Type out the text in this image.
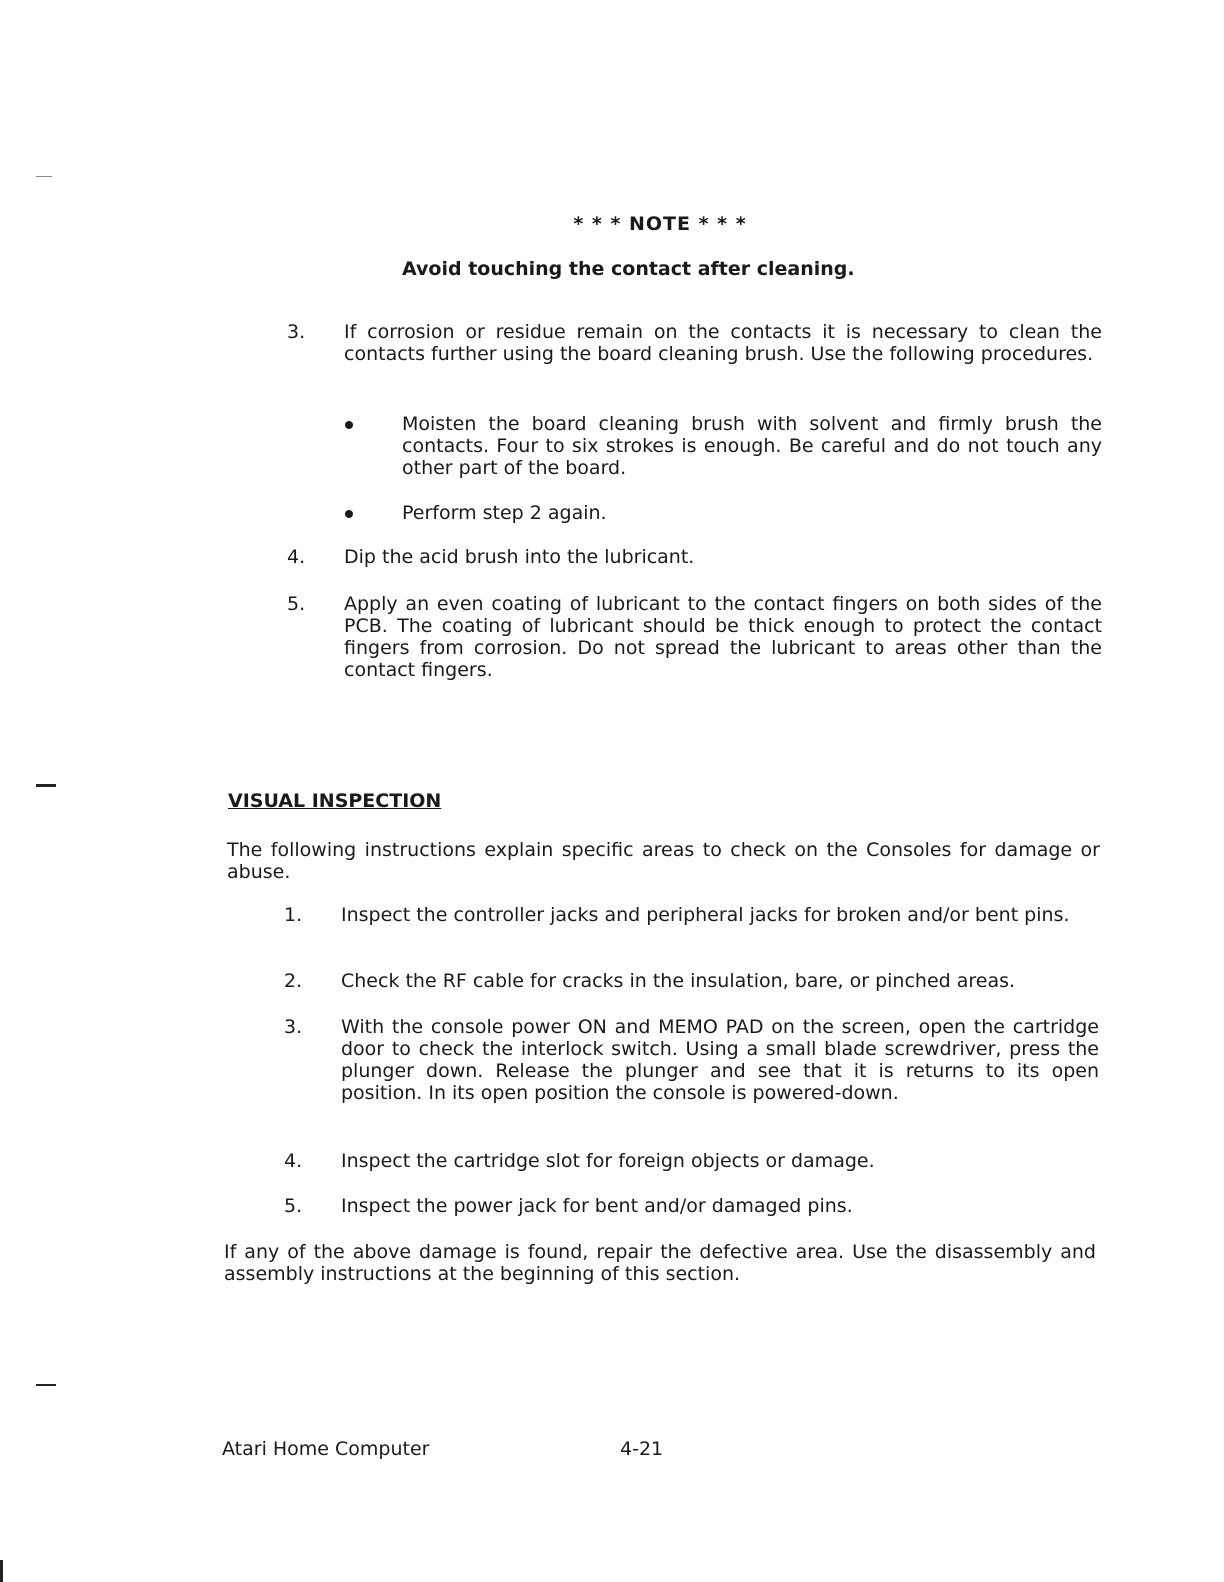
* * * NOTE * * *
Avoid touching the contact after cleaning.
3.	If corrosion or residue remain on the contacts it is necessary to clean the contacts further using the board cleaning brush. Use the following procedures.

Moisten the board cleaning brush with solvent and firmly brush the contacts. Four to six strokes is enough. Be careful and do not touch any other part of the board.

Perform step 2 again.

4.	Dip the acid brush into the lubricant.

5.	Apply an even coating of lubricant to the contact fingers on both sides of the PCB. The coating of lubricant should be thick enough to protect the contact fingers from corrosion. Do not spread the lubricant to areas other than the contact fingers.

VISUAL INSPECTION

The following instructions explain specific areas to check on the Consoles for damage or abuse.

1.	Inspect the controller jacks and peripheral jacks for broken and/or bent pins.

2.	Check the RF cable for cracks in the insulation, bare, or pinched areas.

3.	With the console power ON and MEMO PAD on the screen, open the cartridge door to check the interlock switch. Using a small blade screwdriver, press the plunger down. Release the plunger and see that it is returns to its open position. In its open position the console is powered-down.

4.	Inspect the cartridge slot for foreign objects or damage.

5.	Inspect the power jack for bent and/or damaged pins.

If any of the above damage is found, repair the defective area. Use the disassembly and assembly instructions at the beginning of this section.

Atari Home Computer	4-21
